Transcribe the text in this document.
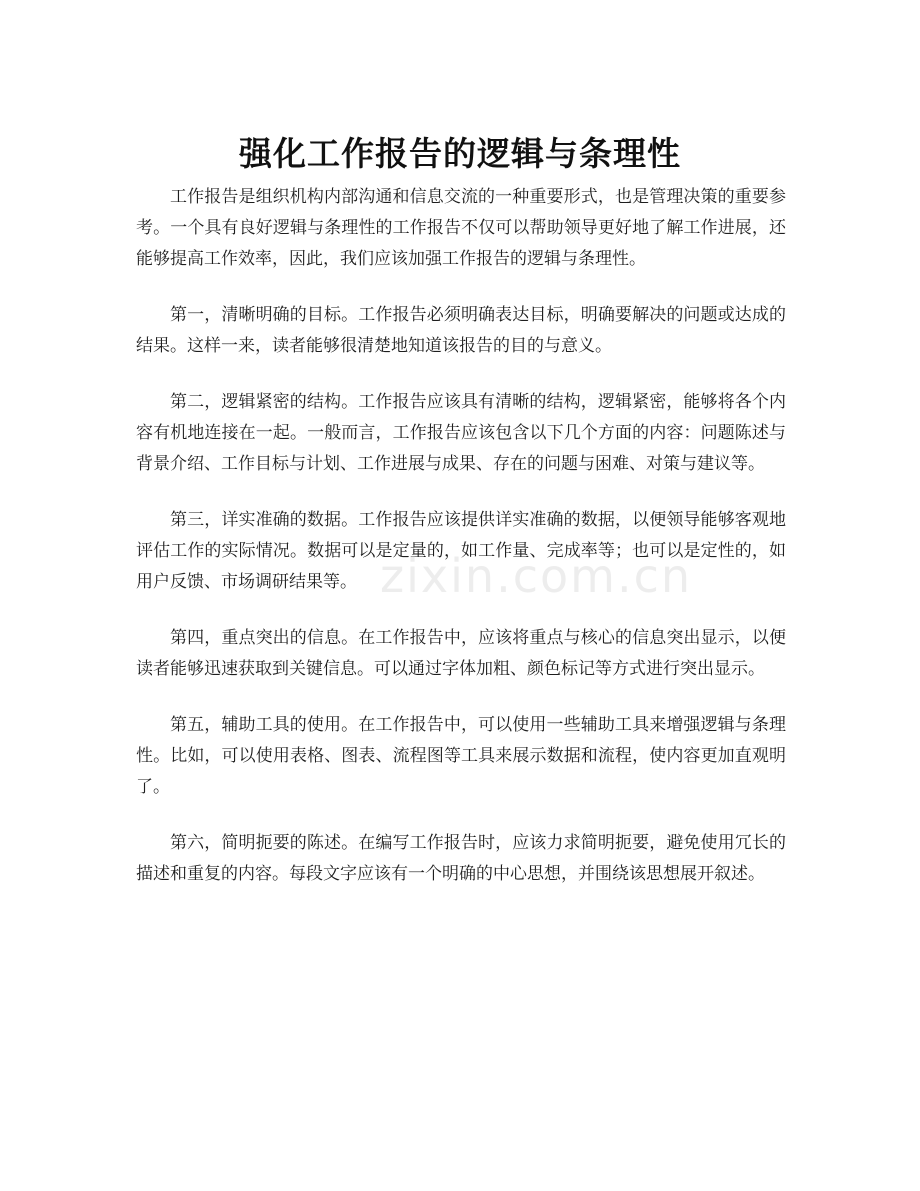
强化工作报告的逻辑与条理性

工作报告是组织机构内部沟通和信息交流的一种重要形式，也是管理决策的重要参考。一个具有良好逻辑与条理性的工作报告不仅可以帮助领导更好地了解工作进展，还能够提高工作效率，因此，我们应该加强工作报告的逻辑与条理性。

第一，清晰明确的目标。工作报告必须明确表达目标，明确要解决的问题或达成的结果。这样一来，读者能够很清楚地知道该报告的目的与意义。

第二，逻辑紧密的结构。工作报告应该具有清晰的结构，逻辑紧密，能够将各个内容有机地连接在一起。一般而言，工作报告应该包含以下几个方面的内容：问题陈述与背景介绍、工作目标与计划、工作进展与成果、存在的问题与困难、对策与建议等。

第三，详实准确的数据。工作报告应该提供详实准确的数据，以便领导能够客观地评估工作的实际情况。数据可以是定量的，如工作量、完成率等；也可以是定性的，如用户反馈、市场调研结果等。

第四，重点突出的信息。在工作报告中，应该将重点与核心的信息突出显示，以便读者能够迅速获取到关键信息。可以通过字体加粗、颜色标记等方式进行突出显示。

第五，辅助工具的使用。在工作报告中，可以使用一些辅助工具来增强逻辑与条理性。比如，可以使用表格、图表、流程图等工具来展示数据和流程，使内容更加直观明了。

第六，简明扼要的陈述。在编写工作报告时，应该力求简明扼要，避免使用冗长的描述和重复的内容。每段文字应该有一个明确的中心思想，并围绕该思想展开叙述。

zixin.com.cn
